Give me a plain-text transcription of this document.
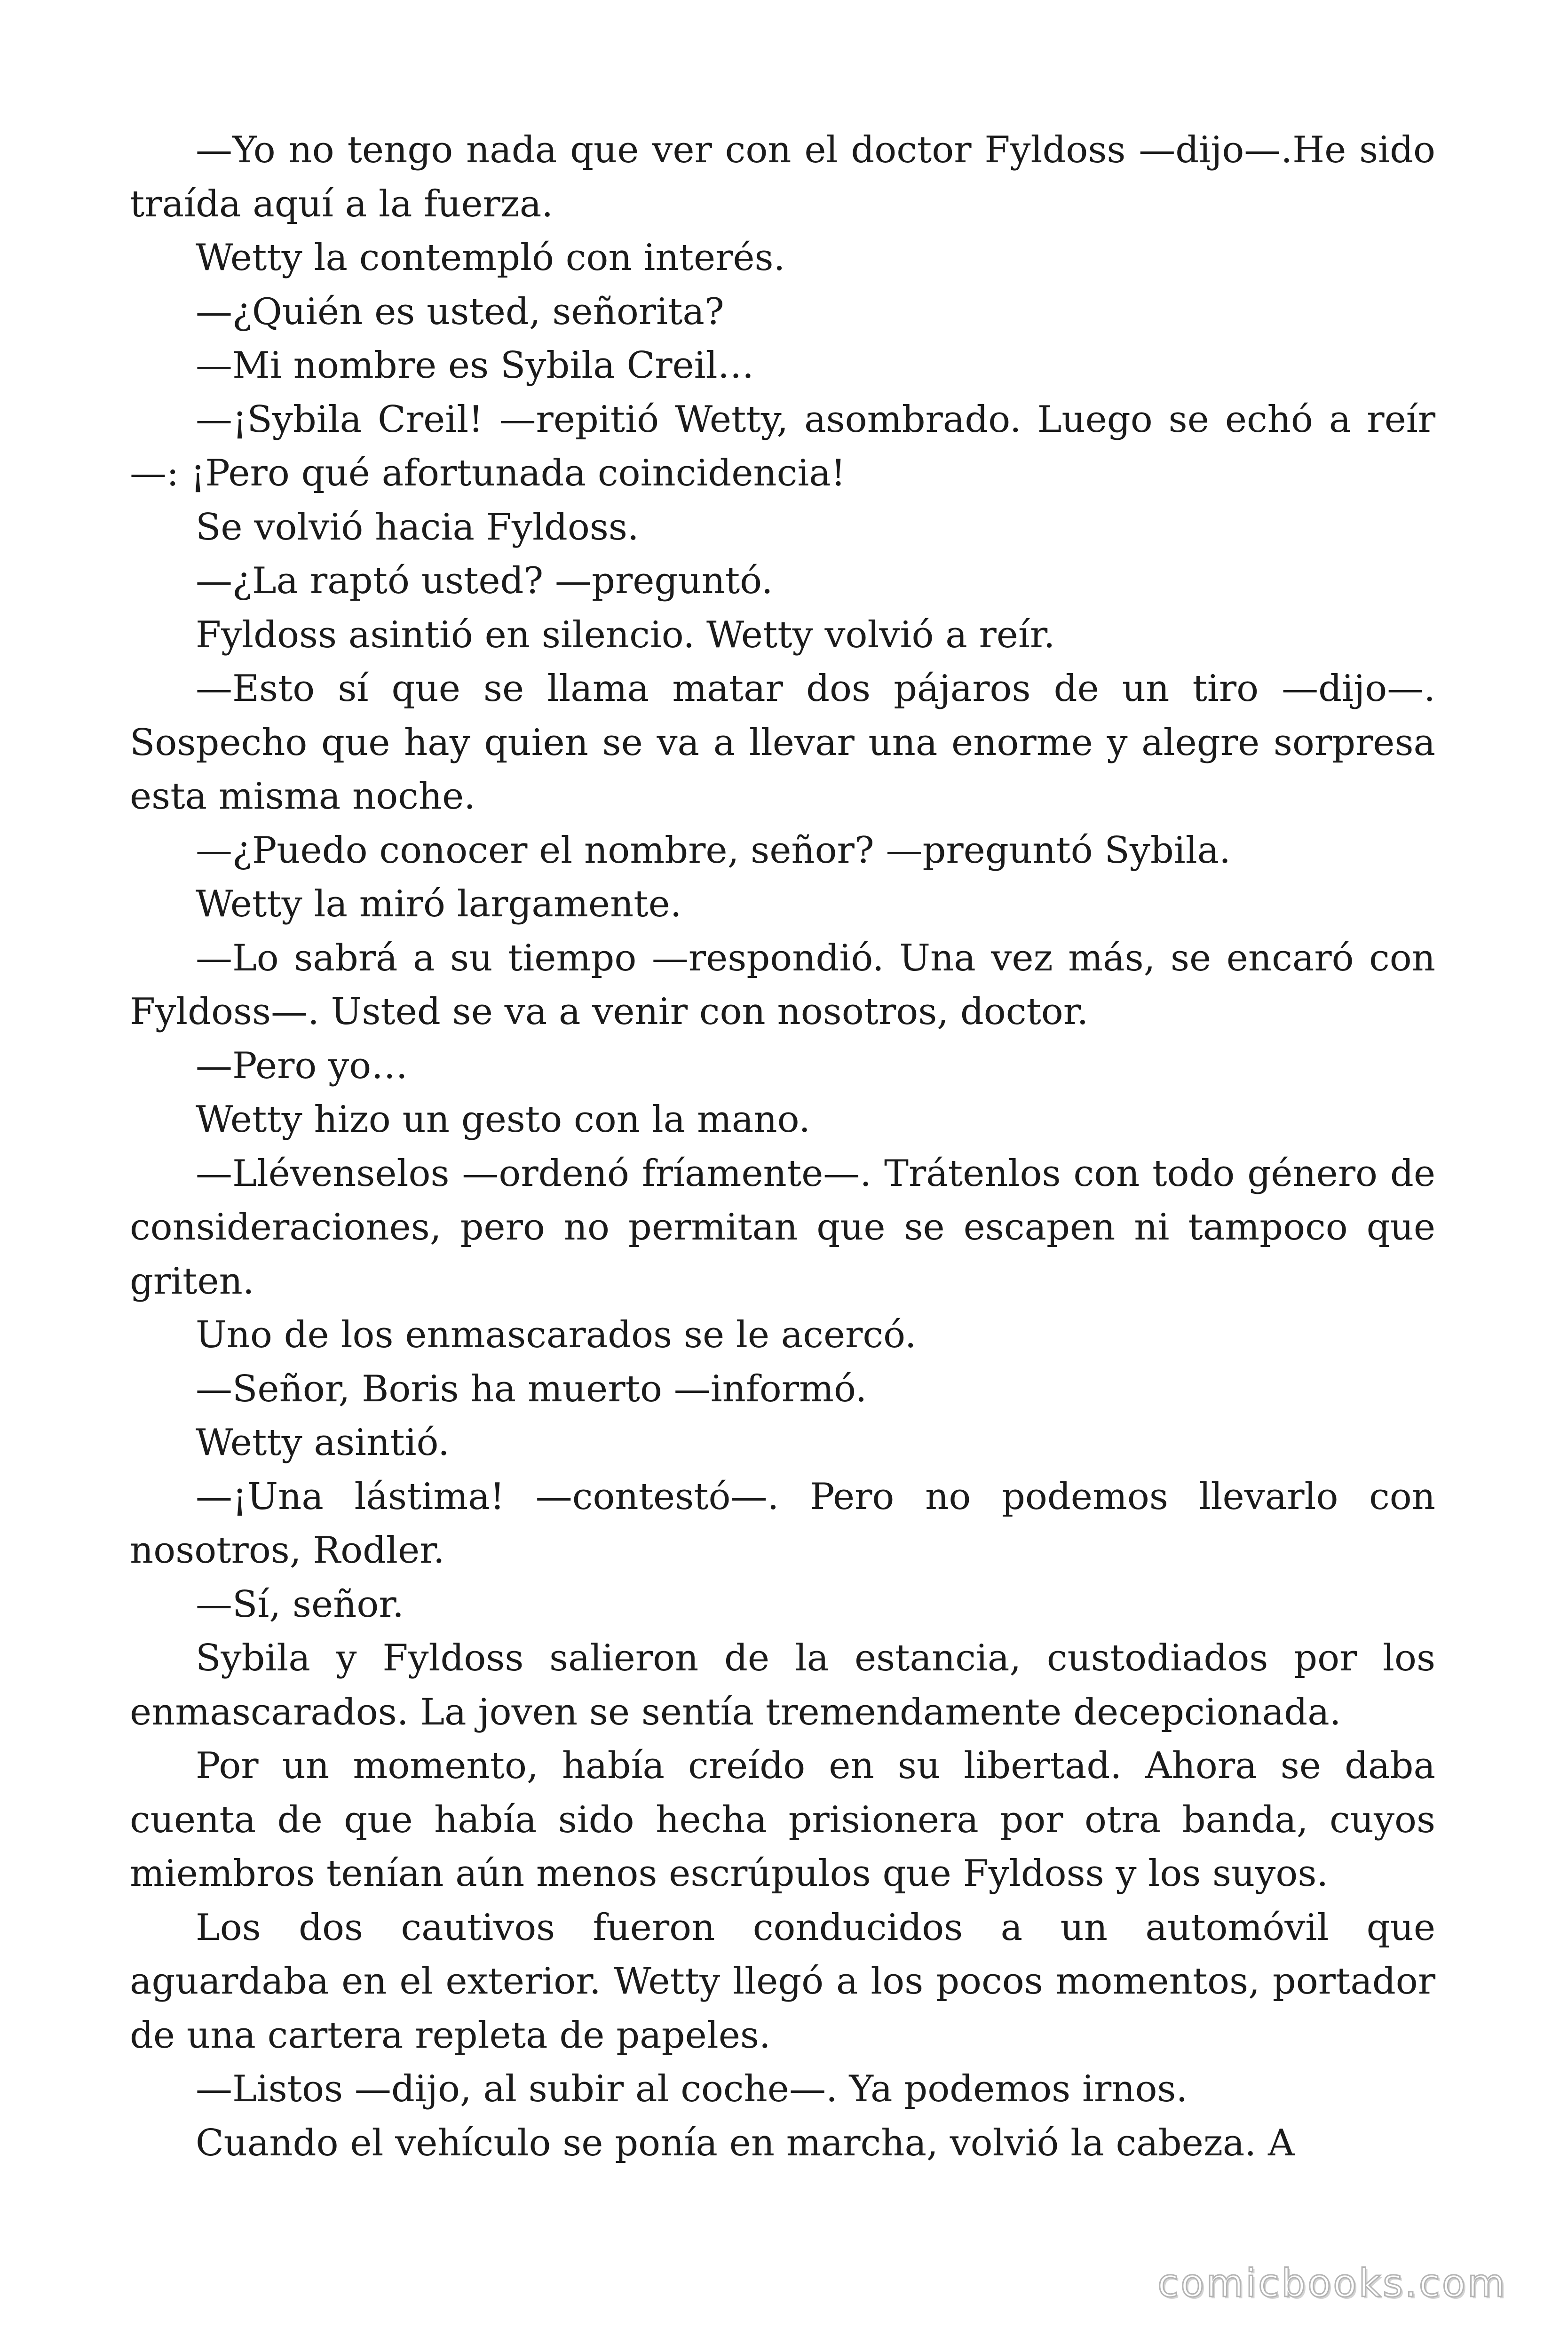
—Yo no tengo nada que ver con el doctor Fyldoss —dijo—.He sido traída aquí a la fuerza.

Wetty la contempló con interés.

—¿Quién es usted, señorita?

—Mi nombre es Sybila Creil…

—¡Sybila Creil! —repitió Wetty, asombrado. Luego se echó a reír—: ¡Pero qué afortunada coincidencia!

Se volvió hacia Fyldoss.

—¿La raptó usted? —preguntó.

Fyldoss asintió en silencio. Wetty volvió a reír.

—Esto sí que se llama matar dos pájaros de un tiro —dijo—. Sospecho que hay quien se va a llevar una enorme y alegre sorpresa esta misma noche.

—¿Puedo conocer el nombre, señor? —preguntó Sybila.

Wetty la miró largamente.

—Lo sabrá a su tiempo —respondió. Una vez más, se encaró con Fyldoss—. Usted se va a venir con nosotros, doctor.

—Pero yo…

Wetty hizo un gesto con la mano.

—Llévenselos —ordenó fríamente—. Trátenlos con todo género de consideraciones, pero no permitan que se escapen ni tampoco que griten.

Uno de los enmascarados se le acercó.

—Señor, Boris ha muerto —informó.

Wetty asintió.

—¡Una lástima! —contestó—. Pero no podemos llevarlo con nosotros, Rodler.

—Sí, señor.

Sybila y Fyldoss salieron de la estancia, custodiados por los enmascarados. La joven se sentía tremendamente decepcionada.

Por un momento, había creído en su libertad. Ahora se daba cuenta de que había sido hecha prisionera por otra banda, cuyos miembros tenían aún menos escrúpulos que Fyldoss y los suyos.

Los dos cautivos fueron conducidos a un automóvil que aguardaba en el exterior. Wetty llegó a los pocos momentos, portador de una cartera repleta de papeles.

—Listos —dijo, al subir al coche—. Ya podemos irnos.

Cuando el vehículo se ponía en marcha, volvió la cabeza. A

comicbooks.com
